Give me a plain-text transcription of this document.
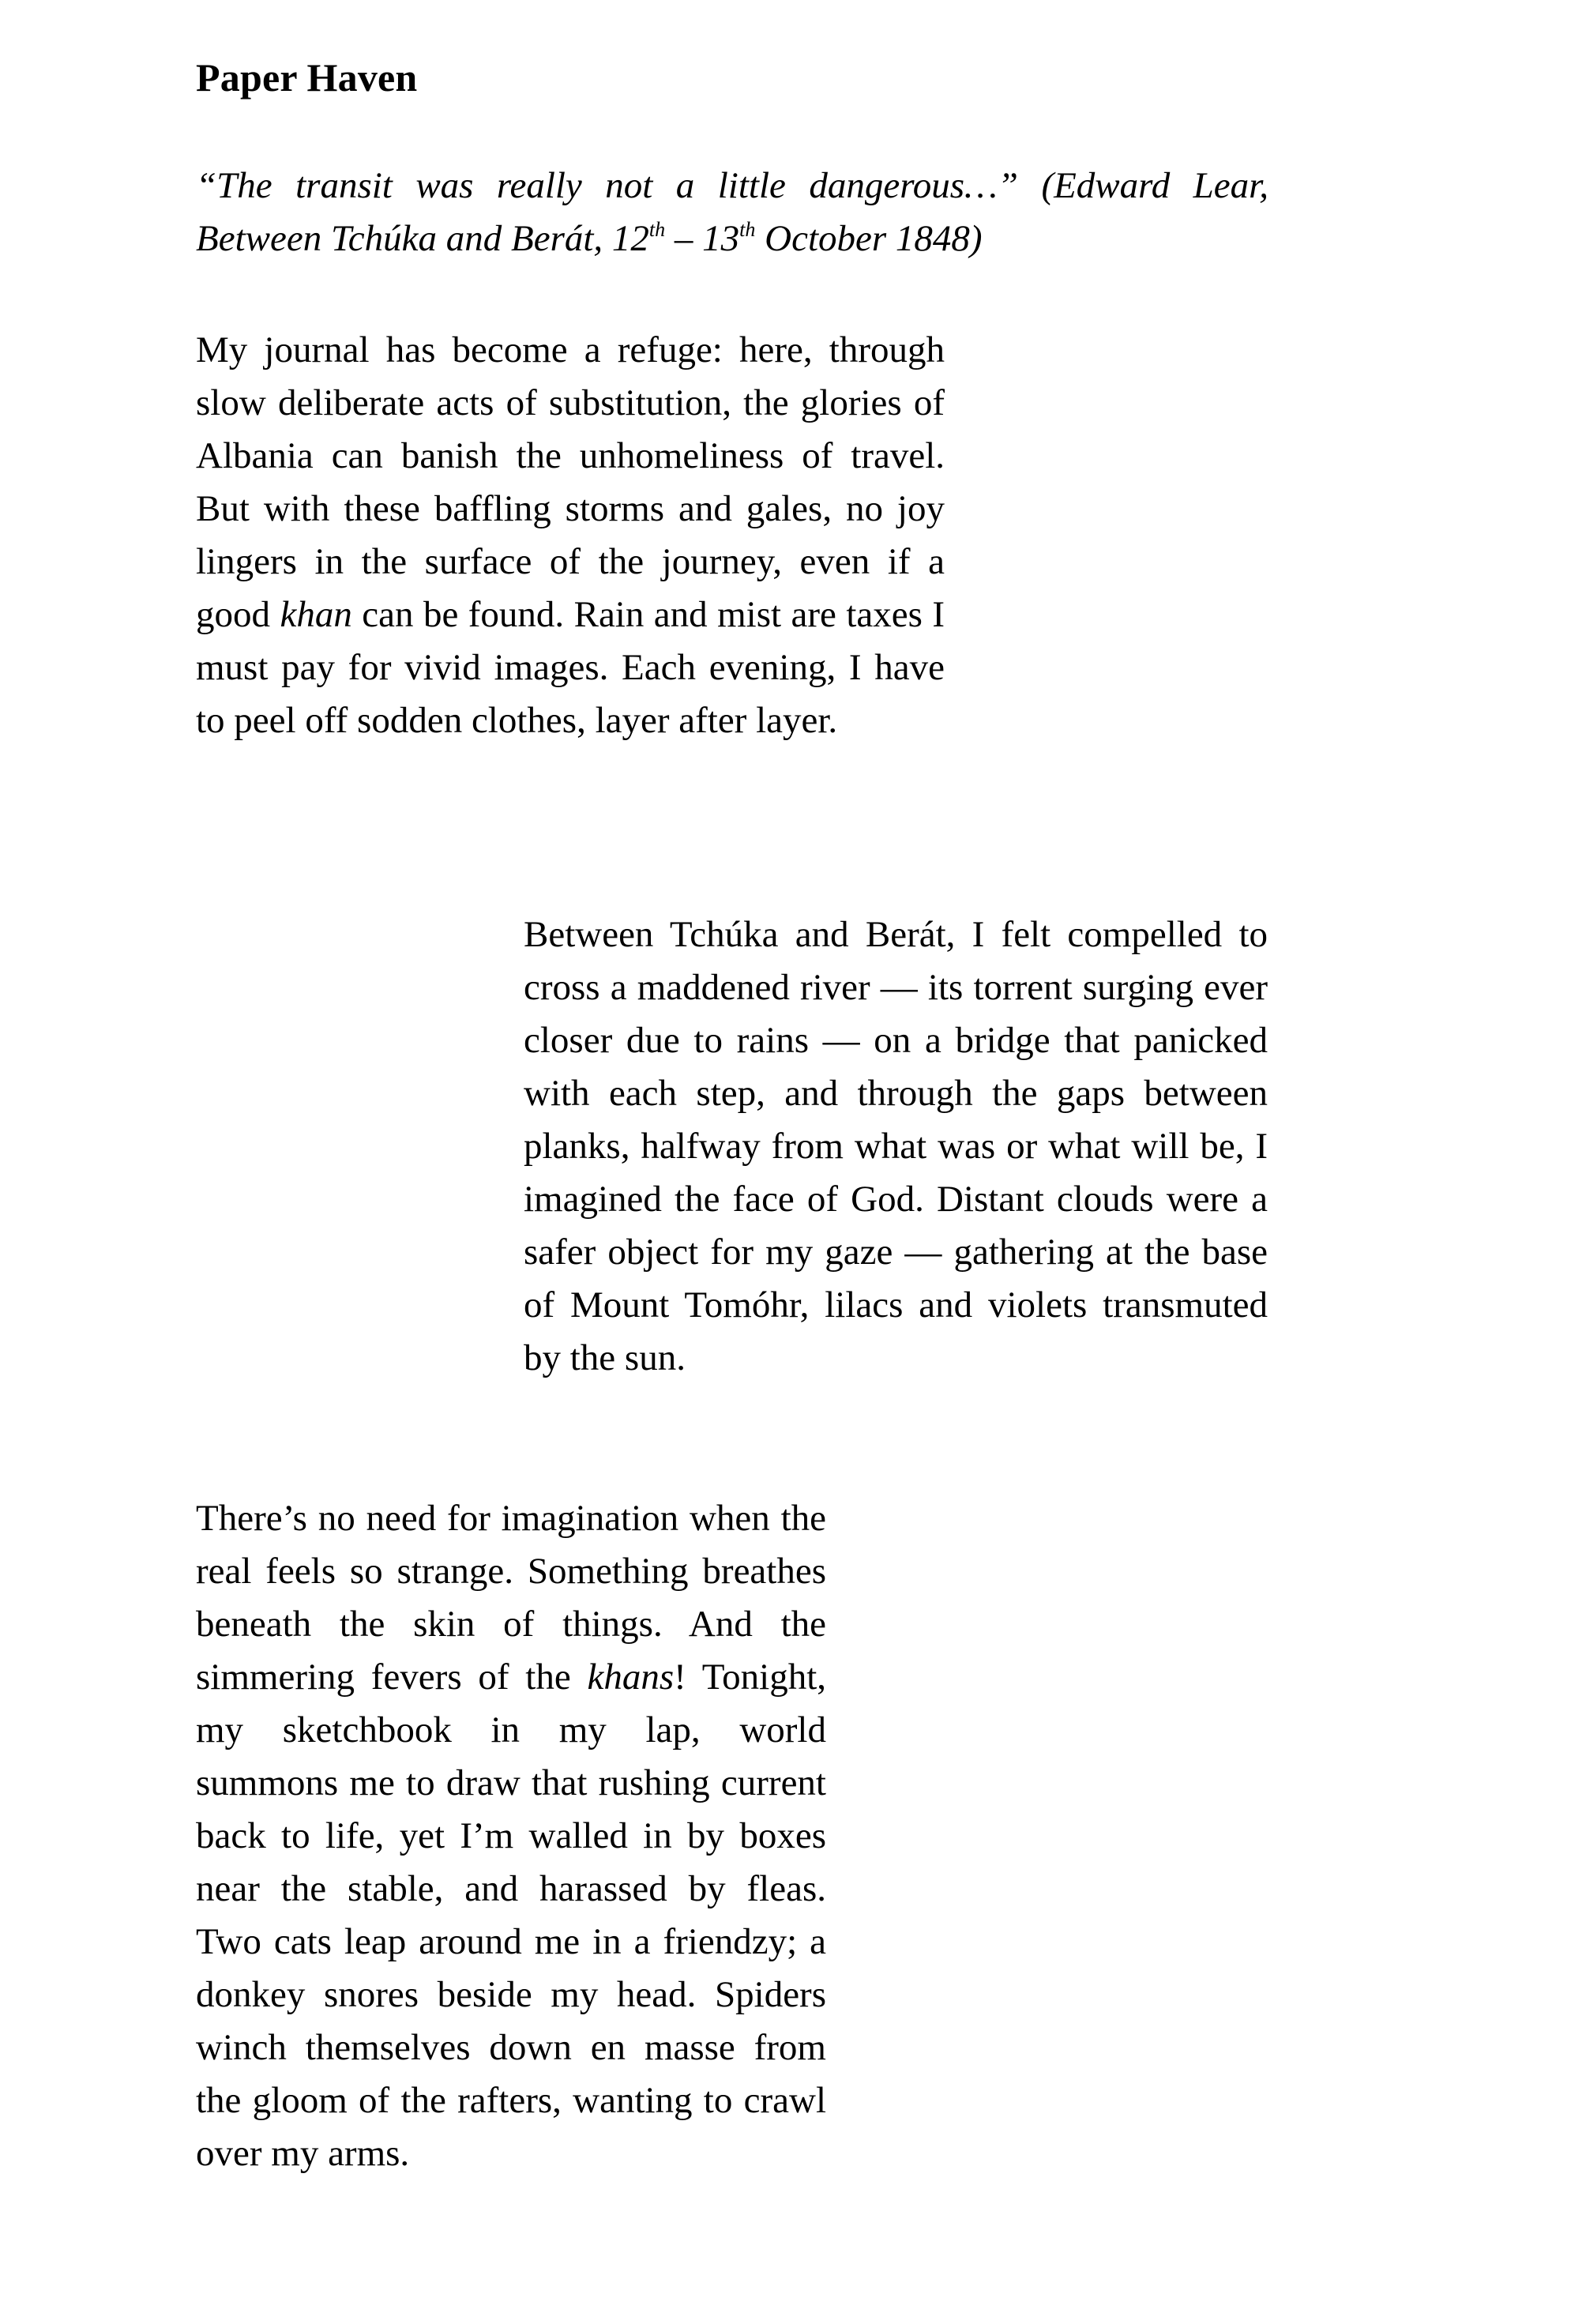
Paper Haven

“The transit was really not a little dangerous…” (Edward Lear, Between Tchúka and Berát, 12th – 13th October 1848)

My journal has become a refuge: here, through slow deliberate acts of substitution, the glories of Albania can banish the unhomeliness of travel. But with these baffling storms and gales, no joy lingers in the surface of the journey, even if a good khan can be found. Rain and mist are taxes I must pay for vivid images. Each evening, I have to peel off sodden clothes, layer after layer.

Between Tchúka and Berát, I felt compelled to cross a maddened river — its torrent surging ever closer due to rains — on a bridge that panicked with each step, and through the gaps between planks, halfway from what was or what will be, I imagined the face of God. Distant clouds were a safer object for my gaze — gathering at the base of Mount Tomóhr, lilacs and violets transmuted by the sun.

There’s no need for imagination when the real feels so strange. Something breathes beneath the skin of things. And the simmering fevers of the khans! Tonight, my sketchbook in my lap, world summons me to draw that rushing current back to life, yet I’m walled in by boxes near the stable, and harassed by fleas. Two cats leap around me in a friendzy; a donkey snores beside my head. Spiders winch themselves down en masse from the gloom of the rafters, wanting to crawl over my arms.
